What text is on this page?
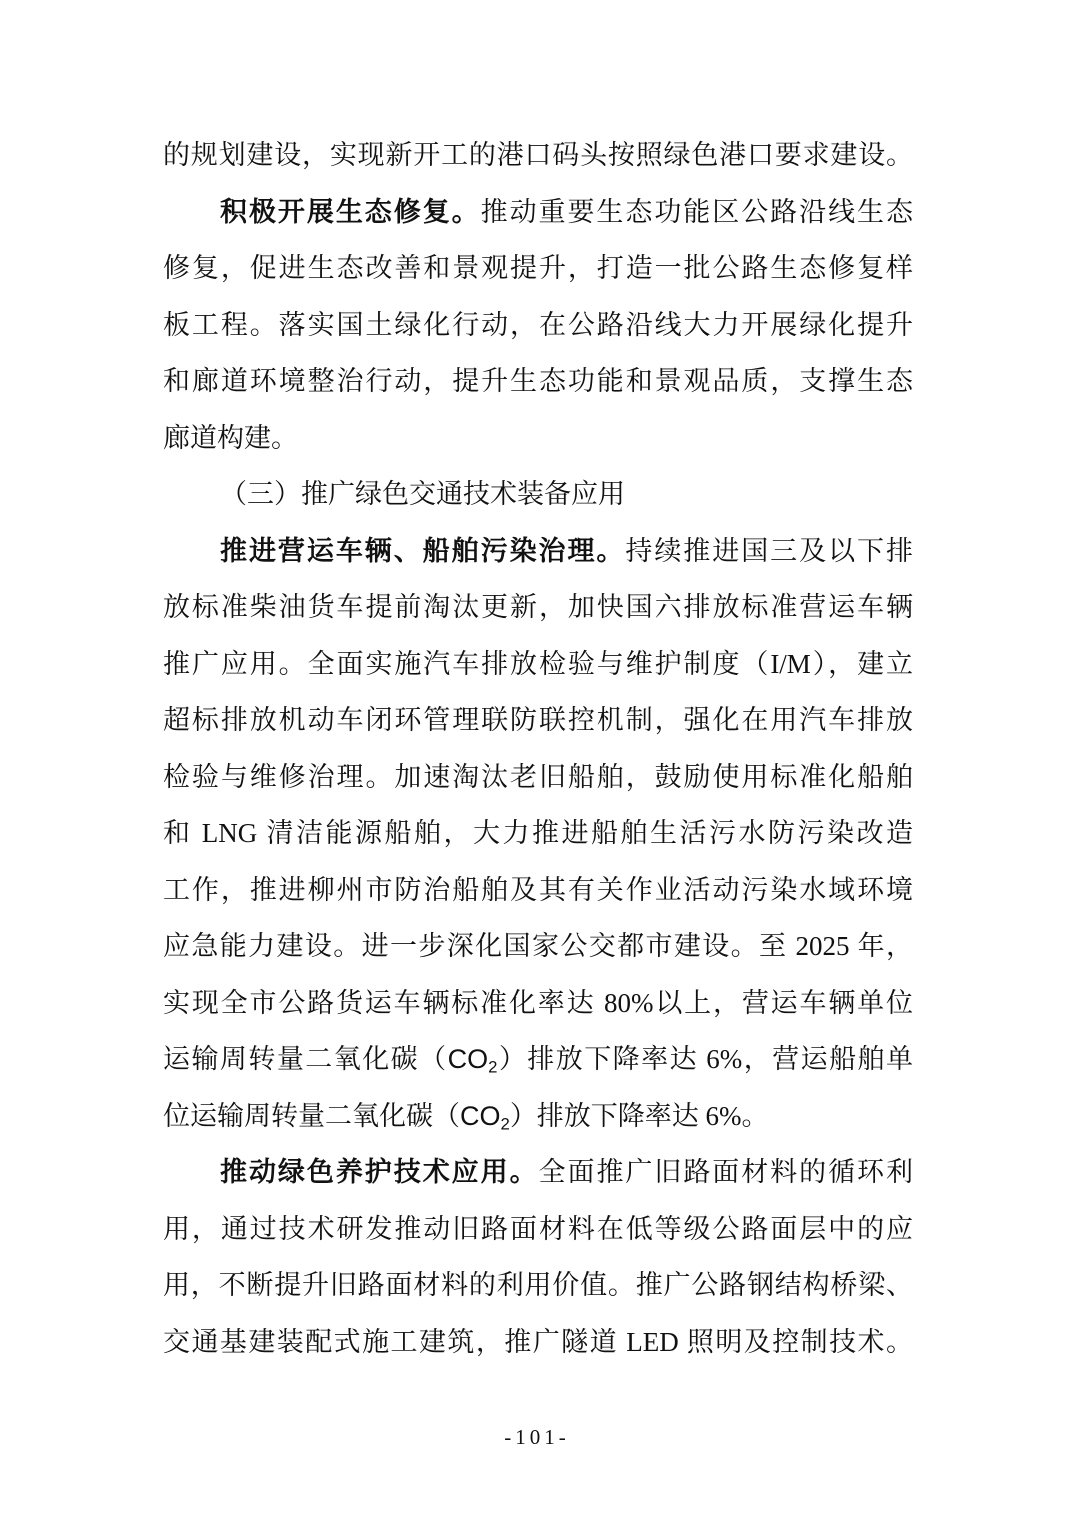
的规划建设，实现新开工的港口码头按照绿色港口要求建设。
积极开展生态修复。推动重要生态功能区公路沿线生态
修复，促进生态改善和景观提升，打造一批公路生态修复样
板工程。落实国土绿化行动，在公路沿线大力开展绿化提升
和廊道环境整治行动，提升生态功能和景观品质，支撑生态
廊道构建。
（三）推广绿色交通技术装备应用
推进营运车辆、船舶污染治理。持续推进国三及以下排
放标准柴油货车提前淘汰更新，加快国六排放标准营运车辆
推广应用。全面实施汽车排放检验与维护制度（I/M），建立
超标排放机动车闭环管理联防联控机制，强化在用汽车排放
检验与维修治理。加速淘汰老旧船舶，鼓励使用标准化船舶
和 LNG 清洁能源船舶，大力推进船舶生活污水防污染改造
工作，推进柳州市防治船舶及其有关作业活动污染水域环境
应急能力建设。进一步深化国家公交都市建设。至 2025 年，
实现全市公路货运车辆标准化率达 80%以上，营运车辆单位
运输周转量二氧化碳$(CO_2)$排放下降率达 6%，营运船舶单
位运输周转量二氧化碳$(CO_2)$排放下降率达 6%。
推动绿色养护技术应用。全面推广旧路面材料的循环利
用，通过技术研发推动旧路面材料在低等级公路面层中的应
用，不断提升旧路面材料的利用价值。推广公路钢结构桥梁、
交通基建装配式施工建筑，推广隧道 LED 照明及控制技术。
-101-
